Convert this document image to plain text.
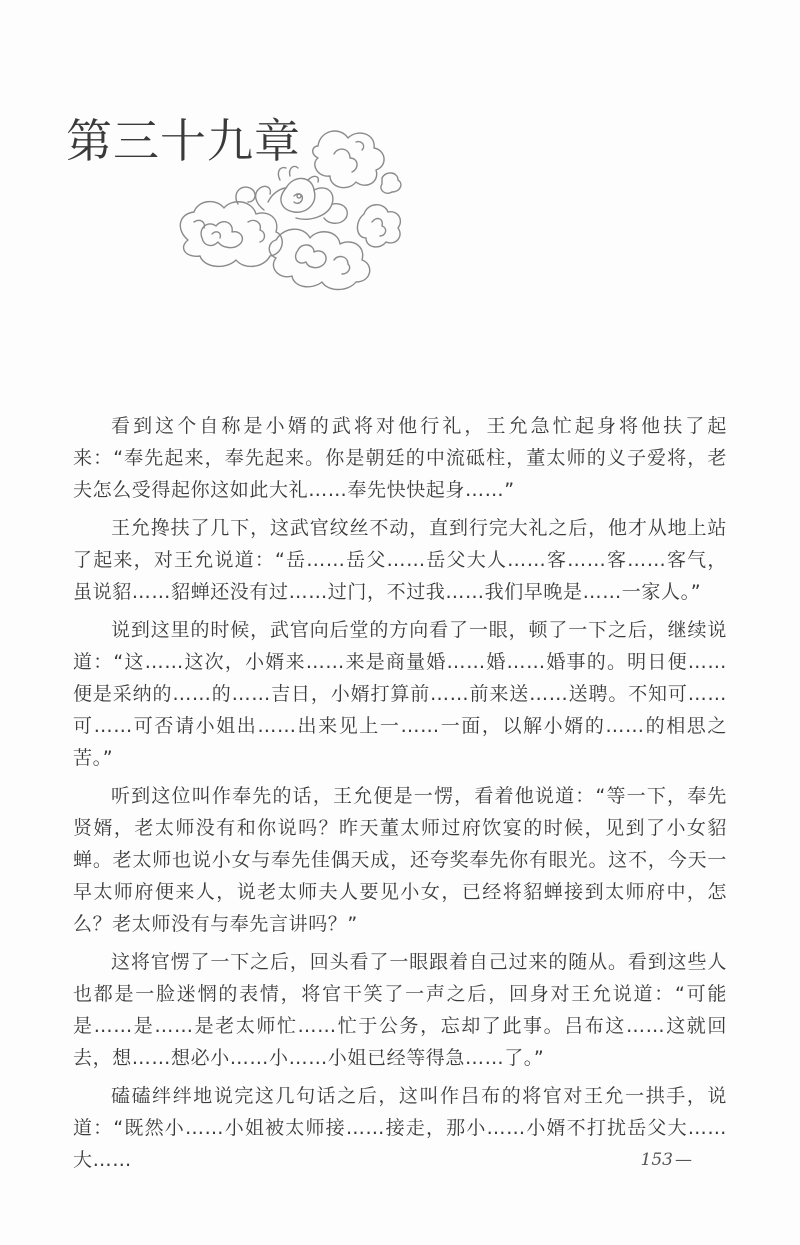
第三十九章

看到这个自称是小婿的武将对他行礼，王允急忙起身将他扶了起来：“奉先起来，奉先起来。你是朝廷的中流砥柱，董太师的义子爱将，老夫怎么受得起你这如此大礼……奉先快快起身……”

王允搀扶了几下，这武官纹丝不动，直到行完大礼之后，他才从地上站了起来，对王允说道：“岳……岳父……岳父大人……客……客……客气，虽说貂……貂蝉还没有过……过门，不过我……我们早晚是……一家人。”

说到这里的时候，武官向后堂的方向看了一眼，顿了一下之后，继续说道：“这……这次，小婿来……来是商量婚……婚……婚事的。明日便……便是采纳的……的……吉日，小婿打算前……前来送……送聘。不知可……可……可否请小姐出……出来见上一……一面，以解小婿的……的相思之苦。”

听到这位叫作奉先的话，王允便是一愣，看着他说道：“等一下，奉先贤婿，老太师没有和你说吗？昨天董太师过府饮宴的时候，见到了小女貂蝉。老太师也说小女与奉先佳偶天成，还夸奖奉先你有眼光。这不，今天一早太师府便来人，说老太师夫人要见小女，已经将貂蝉接到太师府中，怎么？老太师没有与奉先言讲吗？”

这将官愣了一下之后，回头看了一眼跟着自己过来的随从。看到这些人也都是一脸迷惘的表情，将官干笑了一声之后，回身对王允说道：“可能是……是……是老太师忙……忙于公务，忘却了此事。吕布这……这就回去，想……想必小……小……小姐已经等得急……了。”

磕磕绊绊地说完这几句话之后，这叫作吕布的将官对王允一拱手，说道：“既然小……小姐被太师接……接走，那小……小婿不打扰岳父大……大……	153 —
